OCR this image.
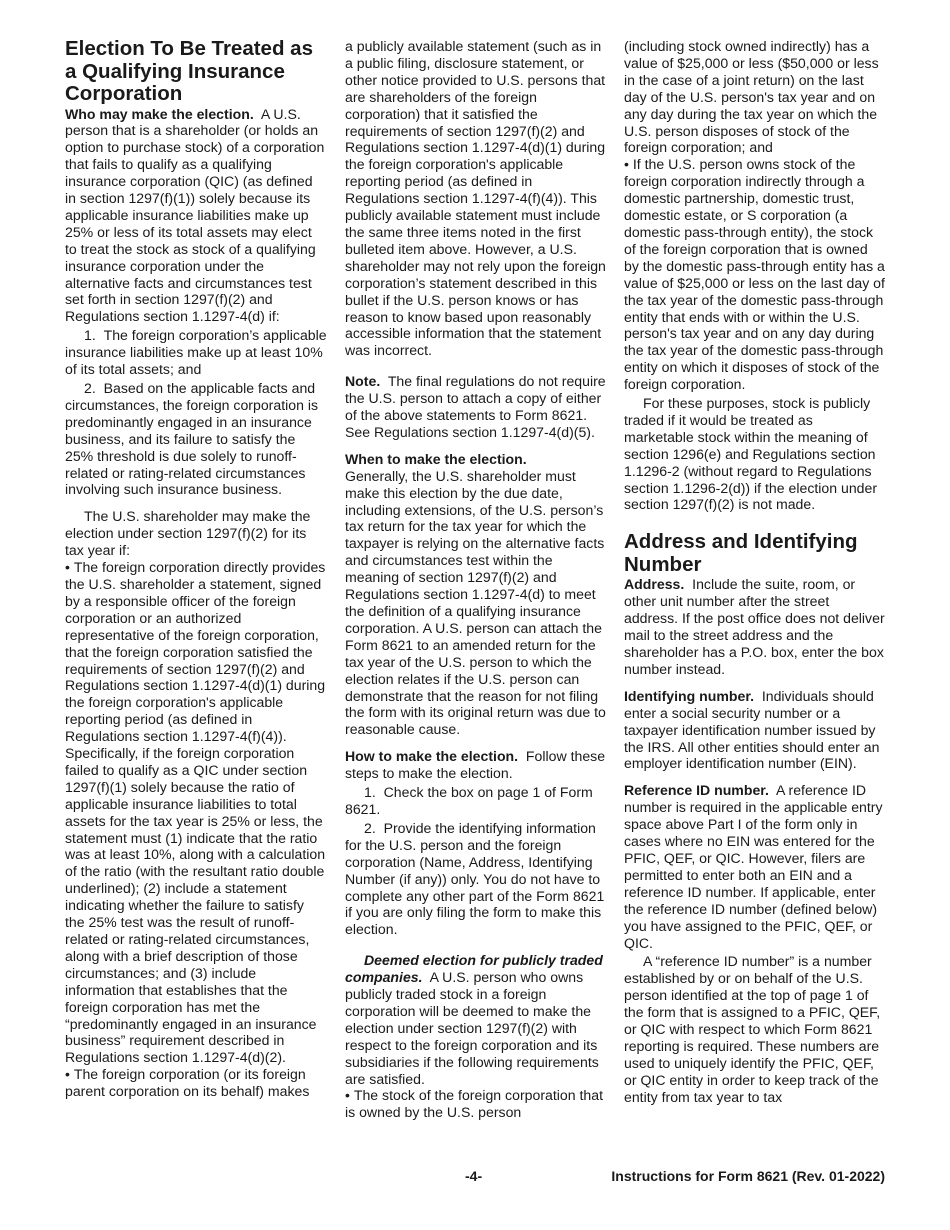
Election To Be Treated as a Qualifying Insurance Corporation

Who may make the election. A U.S. person that is a shareholder (or holds an option to purchase stock) of a corporation that fails to qualify as a qualifying insurance corporation (QIC) (as defined in section 1297(f)(1)) solely because its applicable insurance liabilities make up 25% or less of its total assets may elect to treat the stock as stock of a qualifying insurance corporation under the alternative facts and circumstances test set forth in section 1297(f)(2) and Regulations section 1.1297-4(d) if:

1.  The foreign corporation’s applicable insurance liabilities make up at least 10% of its total assets; and

2.  Based on the applicable facts and circumstances, the foreign corporation is predominantly engaged in an insurance business, and its failure to satisfy the 25% threshold is due solely to runoff-related or rating-related circumstances involving such insurance business.

The U.S. shareholder may make the election under section 1297(f)(2) for its tax year if:

• The foreign corporation directly provides the U.S. shareholder a statement, signed by a responsible officer of the foreign corporation or an authorized representative of the foreign corporation, that the foreign corporation satisfied the requirements of section 1297(f)(2) and Regulations section 1.1297-4(d)(1) during the foreign corporation's applicable reporting period (as defined in Regulations section 1.1297-4(f)(4)). Specifically, if the foreign corporation failed to qualify as a QIC under section 1297(f)(1) solely because the ratio of applicable insurance liabilities to total assets for the tax year is 25% or less, the statement must (1) indicate that the ratio was at least 10%, along with a calculation of the ratio (with the resultant ratio double underlined); (2) include a statement indicating whether the failure to satisfy the 25% test was the result of runoff-related or rating-related circumstances, along with a brief description of those circumstances; and (3) include information that establishes that the foreign corporation has met the “predominantly engaged in an insurance business” requirement described in Regulations section 1.1297-4(d)(2).

• The foreign corporation (or its foreign parent corporation on its behalf) makes

a publicly available statement (such as in a public filing, disclosure statement, or other notice provided to U.S. persons that are shareholders of the foreign corporation) that it satisfied the requirements of section 1297(f)(2) and Regulations section 1.1297-4(d)(1) during the foreign corporation's applicable reporting period (as defined in Regulations section 1.1297-4(f)(4)). This publicly available statement must include the same three items noted in the first bulleted item above. However, a U.S. shareholder may not rely upon the foreign corporation’s statement described in this bullet if the U.S. person knows or has reason to know based upon reasonably accessible information that the statement was incorrect.

Note. The final regulations do not require the U.S. person to attach a copy of either of the above statements to Form 8621. See Regulations section 1.1297-4(d)(5).

When to make the election.
Generally, the U.S. shareholder must make this election by the due date, including extensions, of the U.S. person’s tax return for the tax year for which the taxpayer is relying on the alternative facts and circumstances test within the meaning of section 1297(f)(2) and Regulations section 1.1297-4(d) to meet the definition of a qualifying insurance corporation. A U.S. person can attach the Form 8621 to an amended return for the tax year of the U.S. person to which the election relates if the U.S. person can demonstrate that the reason for not filing the form with its original return was due to reasonable cause.

How to make the election. Follow these steps to make the election.

1.  Check the box on page 1 of Form 8621.

2.  Provide the identifying information for the U.S. person and the foreign corporation (Name, Address, Identifying Number (if any)) only. You do not have to complete any other part of the Form 8621 if you are only filing the form to make this election.

Deemed election for publicly traded companies. A U.S. person who owns publicly traded stock in a foreign corporation will be deemed to make the election under section 1297(f)(2) with respect to the foreign corporation and its subsidiaries if the following requirements are satisfied.

• The stock of the foreign corporation that is owned by the U.S. person

(including stock owned indirectly) has a value of $25,000 or less ($50,000 or less in the case of a joint return) on the last day of the U.S. person's tax year and on any day during the tax year on which the U.S. person disposes of stock of the foreign corporation; and

• If the U.S. person owns stock of the foreign corporation indirectly through a domestic partnership, domestic trust, domestic estate, or S corporation (a domestic pass-through entity), the stock of the foreign corporation that is owned by the domestic pass-through entity has a value of $25,000 or less on the last day of the tax year of the domestic pass-through entity that ends with or within the U.S. person's tax year and on any day during the tax year of the domestic pass-through entity on which it disposes of stock of the foreign corporation.

For these purposes, stock is publicly traded if it would be treated as marketable stock within the meaning of section 1296(e) and Regulations section 1.1296-2 (without regard to Regulations section 1.1296-2(d)) if the election under section 1297(f)(2) is not made.

Address and Identifying Number

Address. Include the suite, room, or other unit number after the street address. If the post office does not deliver mail to the street address and the shareholder has a P.O. box, enter the box number instead.

Identifying number. Individuals should enter a social security number or a taxpayer identification number issued by the IRS. All other entities should enter an employer identification number (EIN).

Reference ID number. A reference ID number is required in the applicable entry space above Part I of the form only in cases where no EIN was entered for the PFIC, QEF, or QIC. However, filers are permitted to enter both an EIN and a reference ID number. If applicable, enter the reference ID number (defined below) you have assigned to the PFIC, QEF, or QIC.

A “reference ID number” is a number established by or on behalf of the U.S. person identified at the top of page 1 of the form that is assigned to a PFIC, QEF, or QIC with respect to which Form 8621 reporting is required. These numbers are used to uniquely identify the PFIC, QEF, or QIC entity in order to keep track of the entity from tax year to tax

-4-	Instructions for Form 8621 (Rev. 01-2022)
